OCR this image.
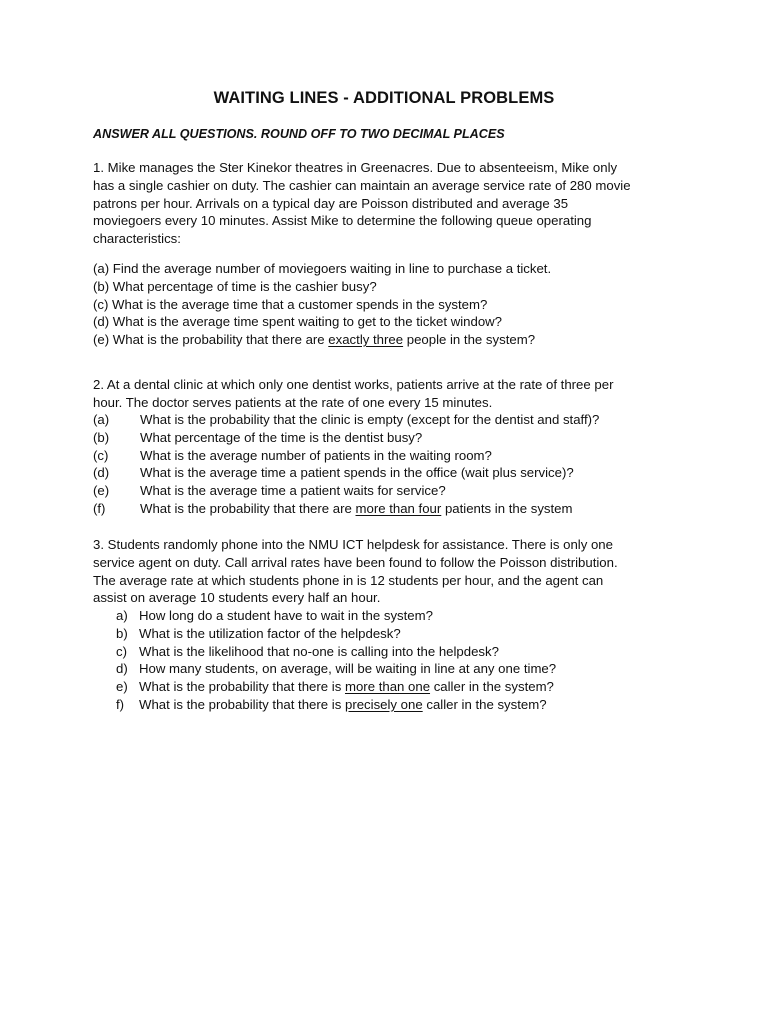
WAITING LINES - ADDITIONAL PROBLEMS
ANSWER ALL QUESTIONS. ROUND OFF TO TWO DECIMAL PLACES
1. Mike manages the Ster Kinekor theatres in Greenacres. Due to absenteeism, Mike only
has a single cashier on duty. The cashier can maintain an average service rate of 280 movie
patrons per hour. Arrivals on a typical day are Poisson distributed and average 35
moviegoers every 10 minutes. Assist Mike to determine the following queue operating
characteristics:
(a) Find the average number of moviegoers waiting in line to purchase a ticket.
(b) What percentage of time is the cashier busy?
(c) What is the average time that a customer spends in the system?
(d) What is the average time spent waiting to get to the ticket window?
(e) What is the probability that there are exactly three people in the system?
2. At a dental clinic at which only one dentist works, patients arrive at the rate of three per
hour. The doctor serves patients at the rate of one every 15 minutes.
(a)	What is the probability that the clinic is empty (except for the dentist and staff)?
(b)	What percentage of the time is the dentist busy?
(c)	What is the average number of patients in the waiting room?
(d)	What is the average time a patient spends in the office (wait plus service)?
(e)	What is the average time a patient waits for service?
(f)	What is the probability that there are more than four patients in the system
3. Students randomly phone into the NMU ICT helpdesk for assistance. There is only one
service agent on duty. Call arrival rates have been found to follow the Poisson distribution.
The average rate at which students phone in is 12 students per hour, and the agent can
assist on average 10 students every half an hour.
a) How long do a student have to wait in the system?
b) What is the utilization factor of the helpdesk?
c) What is the likelihood that no-one is calling into the helpdesk?
d) How many students, on average, will be waiting in line at any one time?
e) What is the probability that there is more than one caller in the system?
f)	What is the probability that there is precisely one caller in the system?
